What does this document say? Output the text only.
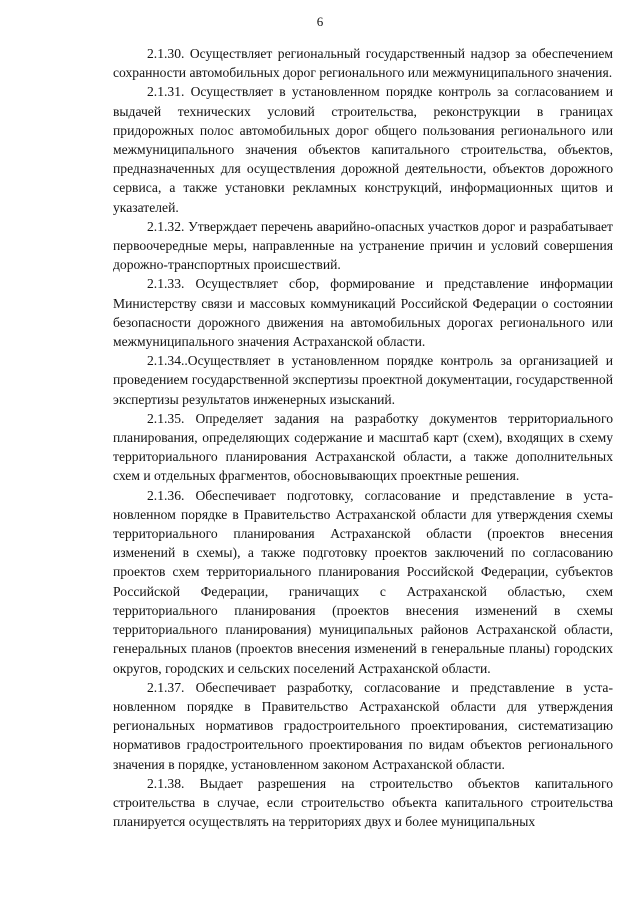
6

2.1.30. Осуществляет региональный государственный надзор за обеспечением сохранности автомобильных дорог регионального или межмуниципального значения.

2.1.31. Осуществляет в установленном порядке контроль за согласованием и выдачей технических условий строительства, реконструкции в границах придорожных полос автомобильных дорог общего пользования регионального или межмуниципального значения объектов капитального строительства, объектов, предназначенных для осуществления дорожной деятельности, объектов дорожного сервиса, а также установки рекламных конструкций, информационных щитов и указателей.

2.1.32. Утверждает перечень аварийно-опасных участков дорог и разрабатывает первоочередные меры, направленные на устранение причин и условий совершения дорожно-транспортных происшествий.

2.1.33. Осуществляет сбор, формирование и представление информации Министерству связи и массовых коммуникаций Российской Федерации о состоянии безопасности дорожного движения на автомобильных дорогах регионального или межмуниципального значения Астраханской области.

2.1.34..Осуществляет в установленном порядке контроль за организацией и проведением государственной экспертизы проектной документации, государственной экспертизы результатов инженерных изысканий.

2.1.35. Определяет задания на разработку документов территориального планирования, определяющих содержание и масштаб карт (схем), входящих в схему территориального планирования Астраханской области, а также дополнительных схем и отдельных фрагментов, обосновывающих проектные решения.

2.1.36. Обеспечивает подготовку, согласование и представление в установленном порядке в Правительство Астраханской области для утверждения схемы территориального планирования Астраханской области (проектов внесения изменений в схемы), а также подготовку проектов заключений по согласованию проектов схем территориального планирования Российской Федерации, субъектов Российской Федерации, граничащих с Астраханской областью, схем территориального планирования (проектов внесения изменений в схемы территориального планирования) муниципальных районов Астраханской области, генеральных планов (проектов внесения изменений в генеральные планы) городских округов, городских и сельских поселений Астраханской области.

2.1.37. Обеспечивает разработку, согласование и представление в установленном порядке в Правительство Астраханской области для утверждения региональных нормативов градостроительного проектирования, систематизацию нормативов градостроительного проектирования по видам объектов регионального значения в порядке, установленном законом Астраханской области.

2.1.38. Выдает разрешения на строительство объектов капитального строительства в случае, если строительство объекта капитального строительства планируется осуществлять на территориях двух и более муниципальных
